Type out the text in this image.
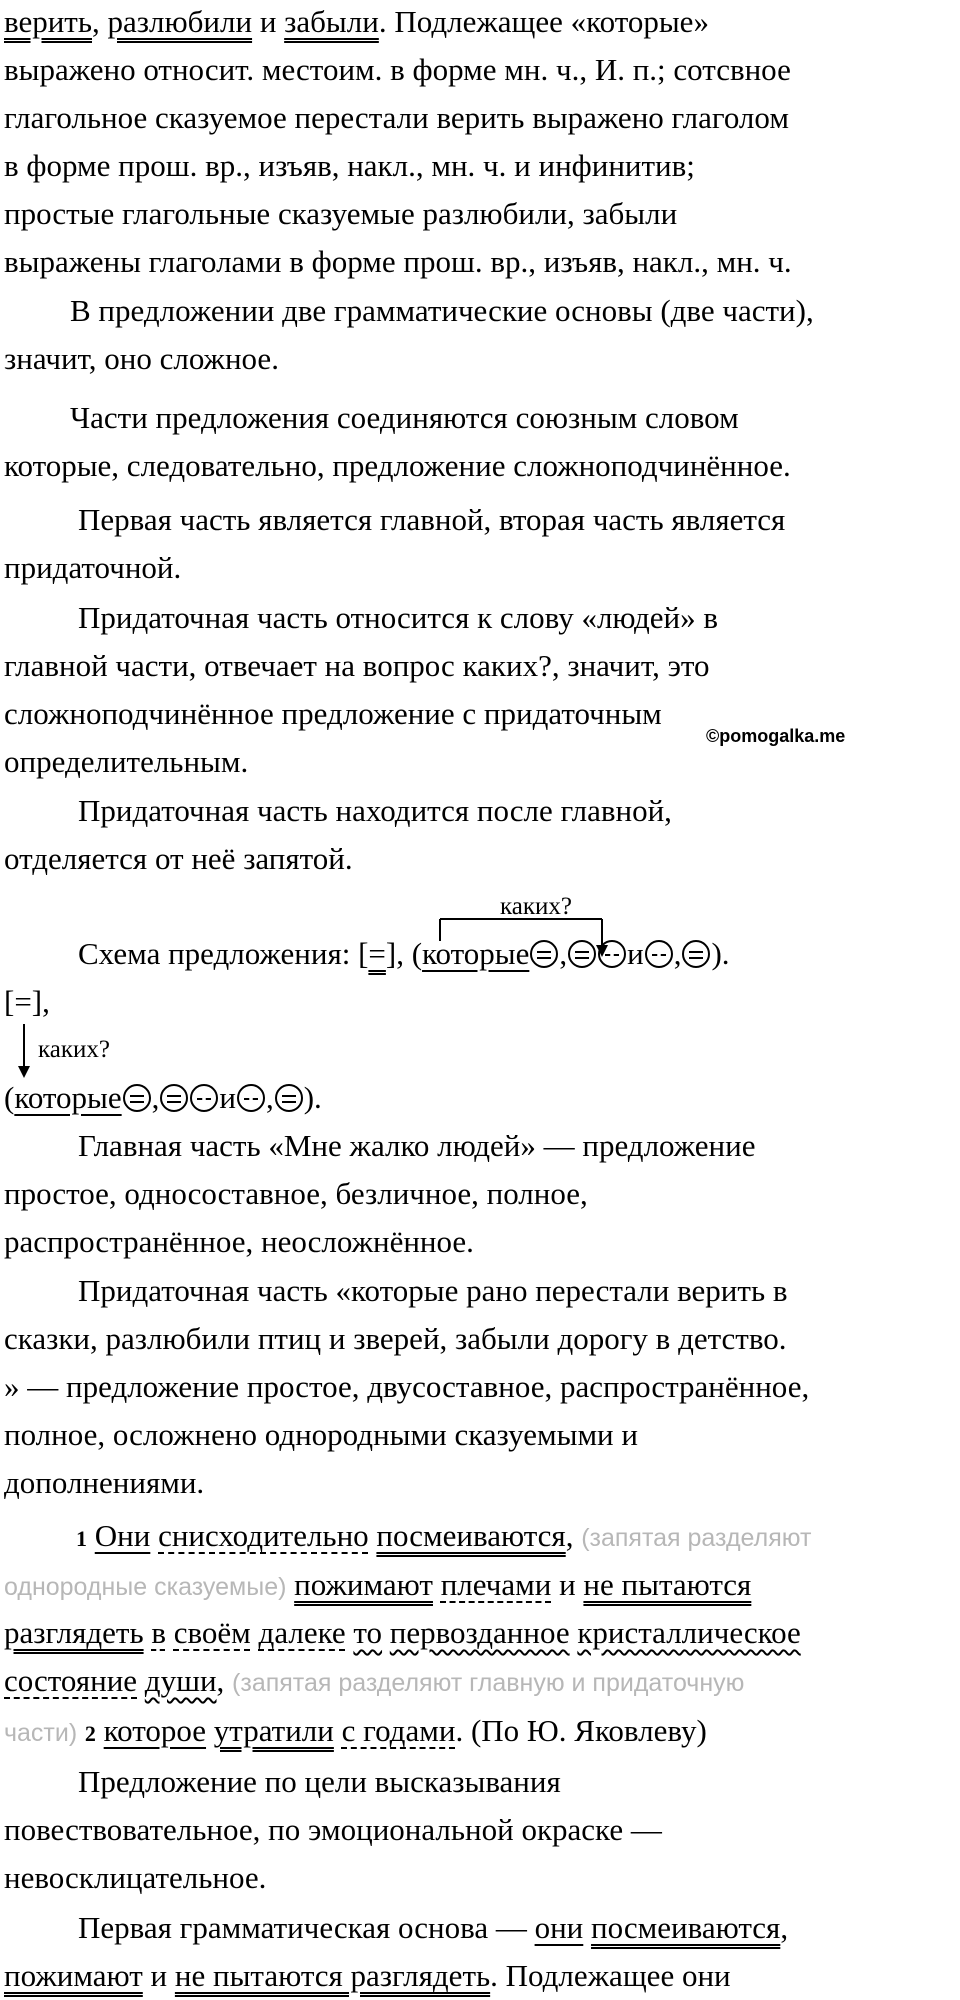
верить, разлюбили и забыли. Подлежащее «которые»
выражено относит. местоим. в форме мн. ч., И. п.; сотсвное
глагольное сказуемое перестали верить выражено глаголом
в форме прош. вр., изъяв, накл., мн. ч. и инфинитив;
простые глагольные сказуемые разлюбили, забыли
выражены глаголами в форме прош. вр., изъяв, накл., мн. ч.
В предложении две грамматические основы (две части),
значит, оно сложное.
Части предложения соединяются союзным словом
которые, следовательно, предложение сложноподчинённое.
Первая часть является главной, вторая часть является
придаточной.
Придаточная часть относится к слову «людей» в
главной части, отвечает на вопрос каких?, значит, это
сложноподчинённое предложение с придаточным
©pomogalka.me
определительным.
Придаточная часть находится после главной,
отделяется от неё запятой.
каких?
Схема предложения: [=], (которые , и , ).
[=],
каких?
(которые , и , ).
Главная часть «Мне жалко людей» — предложение
простое, односоставное, безличное, полное,
распространённое, неосложнённое.
Придаточная часть «которые рано перестали верить в
сказки, разлюбили птиц и зверей, забыли дорогу в детство.
» — предложение простое, двусоставное, распространённое,
полное, осложнено однородными сказуемыми и
дополнениями.
1 Они снисходительно посмеиваются, (запятая разделяют
однородные сказуемые) пожимают плечами и не пытаются
разглядеть в своём далеке то первозданное кристаллическое
состояние души, (запятая разделяют главную и придаточную
части) 2 которое утратили с годами. (По Ю. Яковлеву)
Предложение по цели высказывания
повествовательное, по эмоциональной окраске —
невосклицательное.
Первая грамматическая основа — они посмеиваются,
пожимают и не пытаются разглядеть. Подлежащее они
